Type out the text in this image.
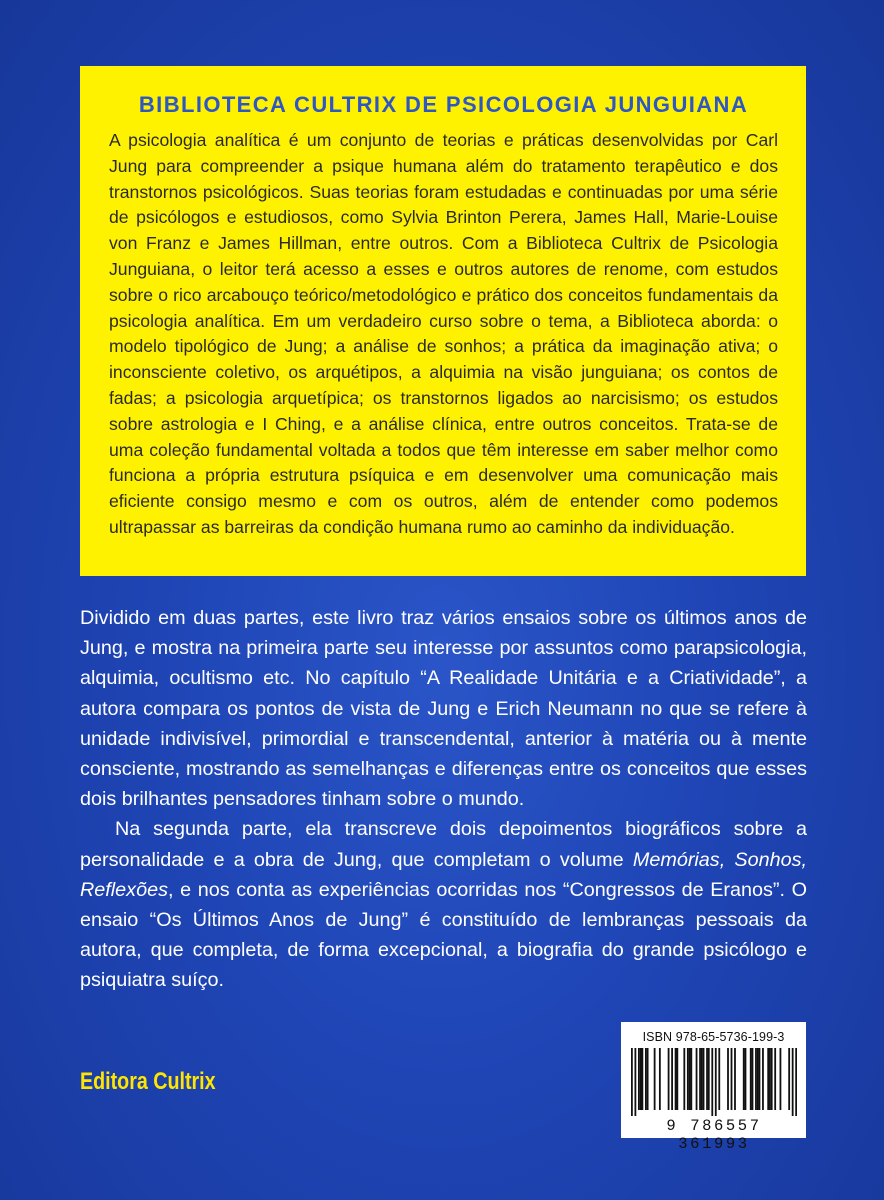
BIBLIOTECA CULTRIX DE PSICOLOGIA JUNGUIANA

A psicologia analítica é um conjunto de teorias e práticas desenvolvidas por Carl Jung para compreender a psique humana além do tratamento terapêutico e dos transtornos psicológicos. Suas teorias foram estudadas e continuadas por uma série de psicólogos e estudiosos, como Sylvia Brinton Perera, James Hall, Marie-Louise von Franz e James Hillman, entre outros. Com a Biblioteca Cultrix de Psicologia Junguiana, o leitor terá acesso a esses e outros autores de renome, com estudos sobre o rico arcabouço teórico/metodológico e prático dos conceitos fundamentais da psicologia analítica. Em um verdadeiro curso sobre o tema, a Biblioteca aborda: o modelo tipológico de Jung; a análise de sonhos; a prática da imaginação ativa; o inconsciente coletivo, os arquétipos, a alquimia na visão junguiana; os contos de fadas; a psicologia arquetípica; os transtornos ligados ao narcisismo; os estudos sobre astrologia e I Ching, e a análise clínica, entre outros conceitos. Trata-se de uma coleção fundamental voltada a todos que têm interesse em saber melhor como funciona a própria estrutura psíquica e em desenvolver uma comunicação mais eficiente consigo mesmo e com os outros, além de entender como podemos ultrapassar as barreiras da condição humana rumo ao caminho da individuação.

Dividido em duas partes, este livro traz vários ensaios sobre os últimos anos de Jung, e mostra na primeira parte seu interesse por assuntos como parapsicologia, alquimia, ocultismo etc. No capítulo “A Realidade Unitária e a Criatividade”, a autora compara os pontos de vista de Jung e Erich Neumann no que se refere à unidade indivisível, primordial e transcendental, anterior à matéria ou à mente consciente, mostrando as semelhanças e diferenças entre os conceitos que esses dois brilhantes pensadores tinham sobre o mundo.

Na segunda parte, ela transcreve dois depoimentos biográficos sobre a personalidade e a obra de Jung, que completam o volume Memórias, Sonhos, Reflexões, e nos conta as experiências ocorridas nos “Congressos de Eranos”. O ensaio “Os Últimos Anos de Jung” é constituído de lembranças pessoais da autora, que completa, de forma excepcional, a biografia do grande psicólogo e psiquiatra suíço.

Editora Cultrix
ISBN 978-65-5736-199-3
9 786557 361993
